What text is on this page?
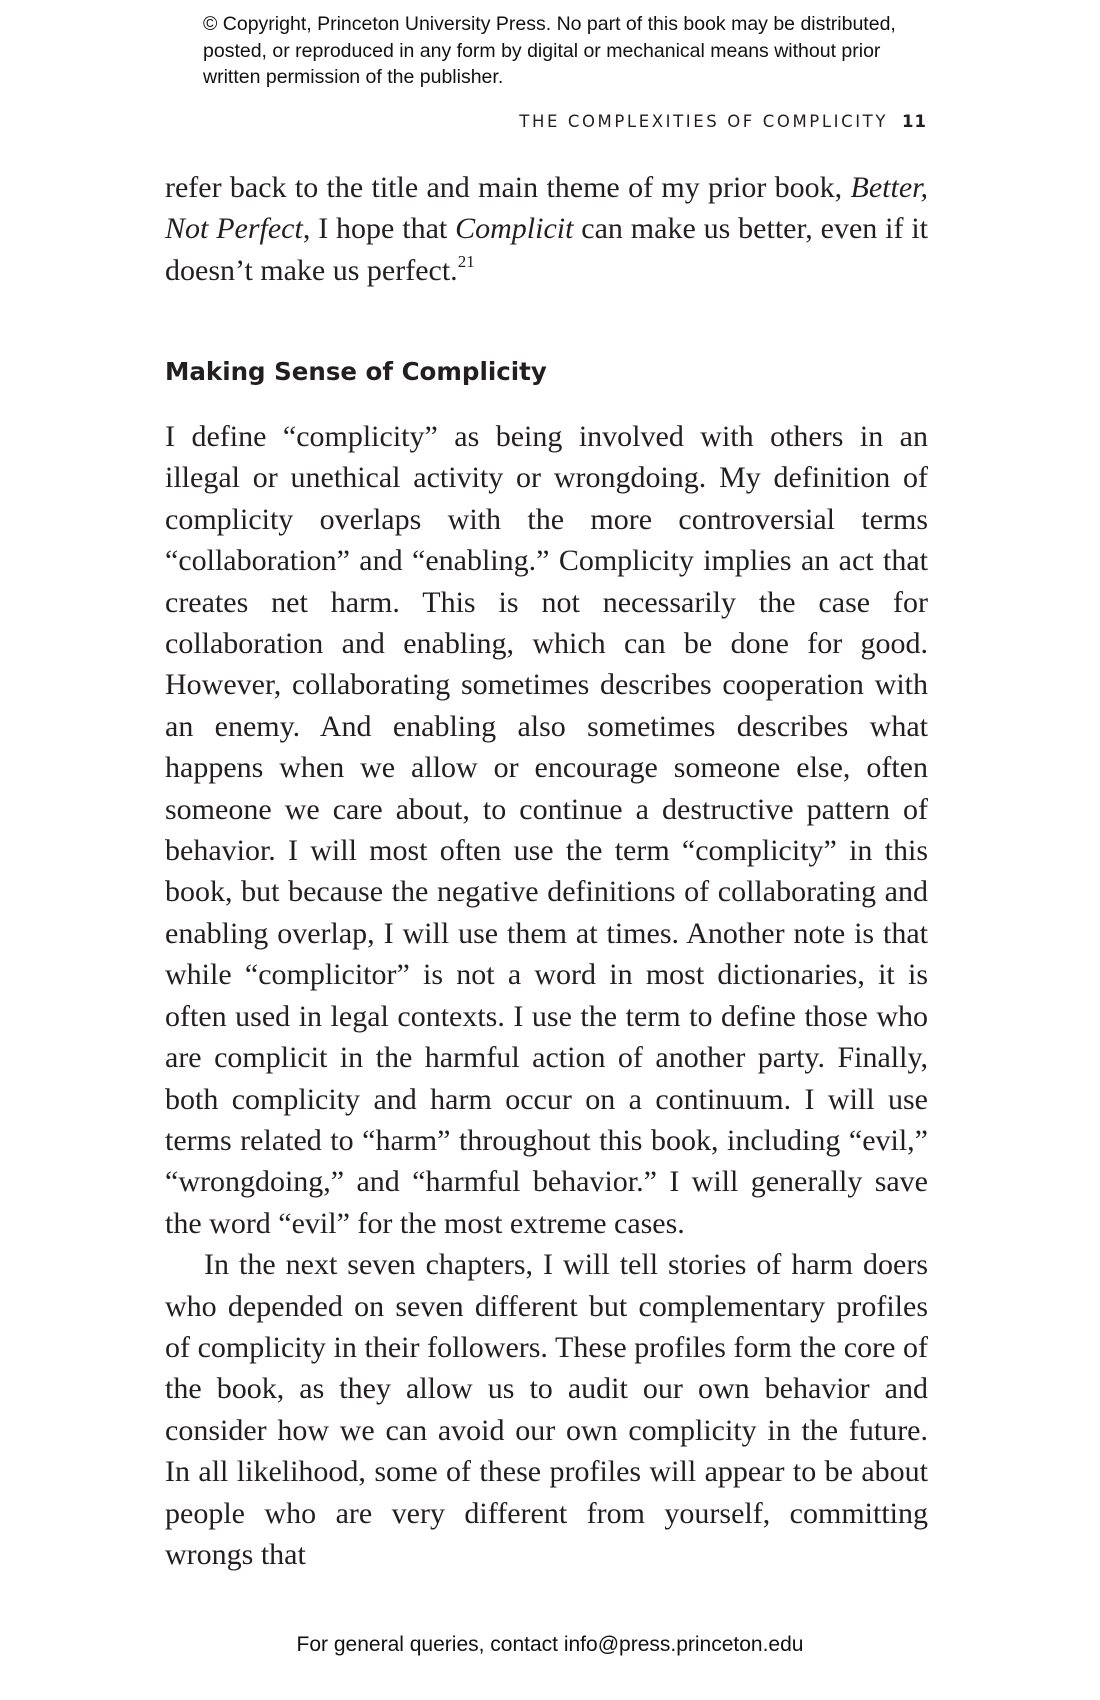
© Copyright, Princeton University Press. No part of this book may be distributed, posted, or reproduced in any form by digital or mechanical means without prior written permission of the publisher.
THE COMPLEXITIES OF COMPLICITY 11

refer back to the title and main theme of my prior book, Better, Not Perfect, I hope that Complicit can make us better, even if it doesn’t make us perfect.$^{21}$

Making Sense of Complicity

I define “complicity” as being involved with others in an illegal or unethical activity or wrongdoing. My definition of complicity overlaps with the more controversial terms “collaboration” and “enabling.” Complicity implies an act that creates net harm. This is not necessarily the case for collaboration and enabling, which can be done for good. However, collaborating sometimes describes cooperation with an enemy. And enabling also sometimes describes what happens when we allow or encourage someone else, often someone we care about, to continue a destructive pattern of behavior. I will most often use the term “complicity” in this book, but because the negative definitions of collaborating and enabling overlap, I will use them at times. Another note is that while “complicitor” is not a word in most dictionaries, it is often used in legal contexts. I use the term to define those who are complicit in the harmful action of another party. Finally, both complicity and harm occur on a continuum. I will use terms related to “harm” throughout this book, including “evil,” “wrongdoing,” and “harmful behavior.” I will generally save the word “evil” for the most extreme cases.

In the next seven chapters, I will tell stories of harm doers who depended on seven different but complementary profiles of complicity in their followers. These profiles form the core of the book, as they allow us to audit our own behavior and consider how we can avoid our own complicity in the future. In all likelihood, some of these profiles will appear to be about people who are very different from yourself, committing wrongs that

For general queries, contact info@press.princeton.edu
